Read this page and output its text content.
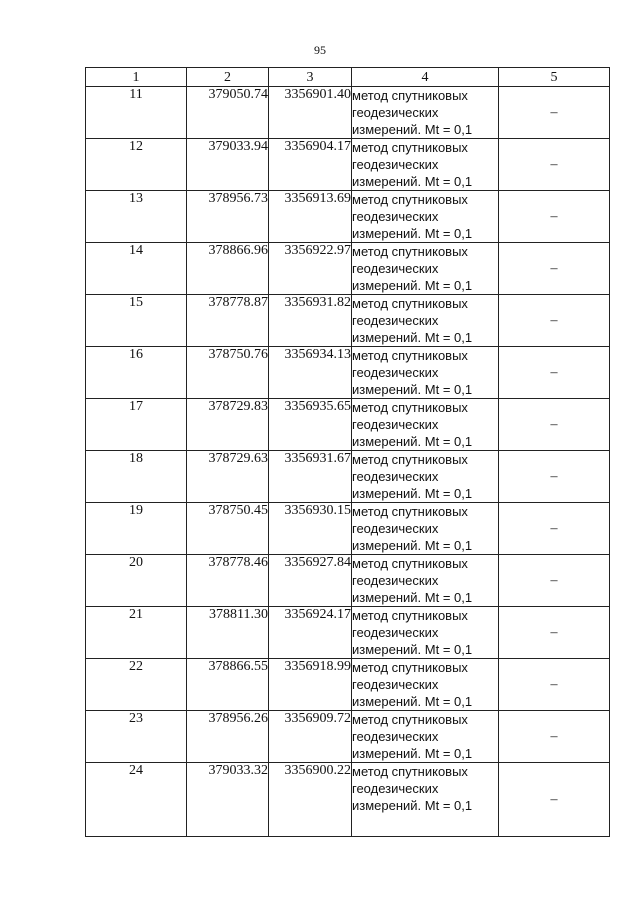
95
1	2	3	4	5
11	379050.74	3356901.40	метод спутниковых
геодезических
измерений. Mt = 0,1	–
12	379033.94	3356904.17	метод спутниковых
геодезических
измерений. Mt = 0,1	–
13	378956.73	3356913.69	метод спутниковых
геодезических
измерений. Mt = 0,1	–
14	378866.96	3356922.97	метод спутниковых
геодезических
измерений. Mt = 0,1	–
15	378778.87	3356931.82	метод спутниковых
геодезических
измерений. Mt = 0,1	–
16	378750.76	3356934.13	метод спутниковых
геодезических
измерений. Mt = 0,1	–
17	378729.83	3356935.65	метод спутниковых
геодезических
измерений. Mt = 0,1	–
18	378729.63	3356931.67	метод спутниковых
геодезических
измерений. Mt = 0,1	–
19	378750.45	3356930.15	метод спутниковых
геодезических
измерений. Mt = 0,1	–
20	378778.46	3356927.84	метод спутниковых
геодезических
измерений. Mt = 0,1	–
21	378811.30	3356924.17	метод спутниковых
геодезических
измерений. Mt = 0,1	–
22	378866.55	3356918.99	метод спутниковых
геодезических
измерений. Mt = 0,1	–
23	378956.26	3356909.72	метод спутниковых
геодезических
измерений. Mt = 0,1	–
24	379033.32	3356900.22	метод спутниковых
геодезических
измерений. Mt = 0,1	–
